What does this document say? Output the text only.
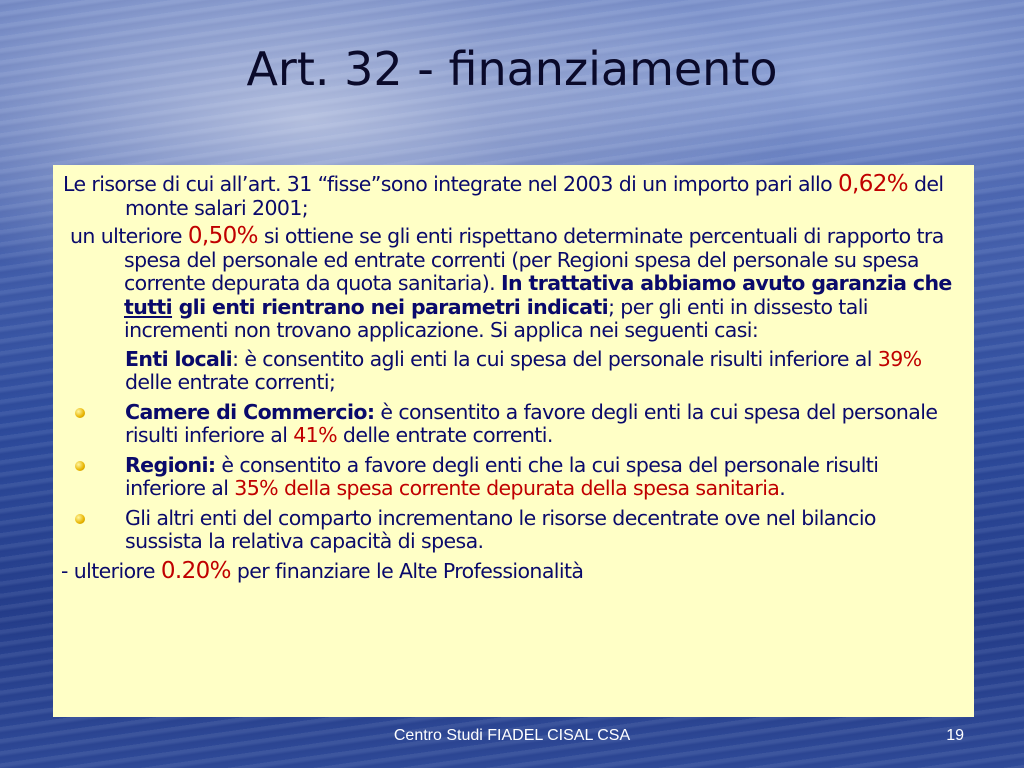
Art. 32 - finanziamento

Le risorse di cui all’art. 31 “fisse”sono integrate nel 2003 di un importo pari allo 0,62% del monte salari 2001;

un ulteriore 0,50% si ottiene se gli enti rispettano determinate percentuali di rapporto tra spesa del personale ed entrate correnti (per Regioni spesa del personale su spesa corrente depurata da quota sanitaria). In trattativa abbiamo avuto garanzia che tutti gli enti rientrano nei parametri indicati; per gli enti in dissesto tali incrementi non trovano applicazione. Si applica nei seguenti casi:

Enti locali: è consentito agli enti la cui spesa del personale risulti inferiore al 39% delle entrate correnti;

Camere di Commercio: è consentito a favore degli enti la cui spesa del personale risulti inferiore al 41% delle entrate correnti.
Regioni: è consentito a favore degli enti che la cui spesa del personale risulti inferiore al 35% della spesa corrente depurata della spesa sanitaria.
Gli altri enti del comparto incrementano le risorse decentrate ove nel bilancio sussista la relativa capacità di spesa.

- ulteriore 0.20% per finanziare le Alte Professionalità

Centro Studi FIADEL CISAL CSA	19
